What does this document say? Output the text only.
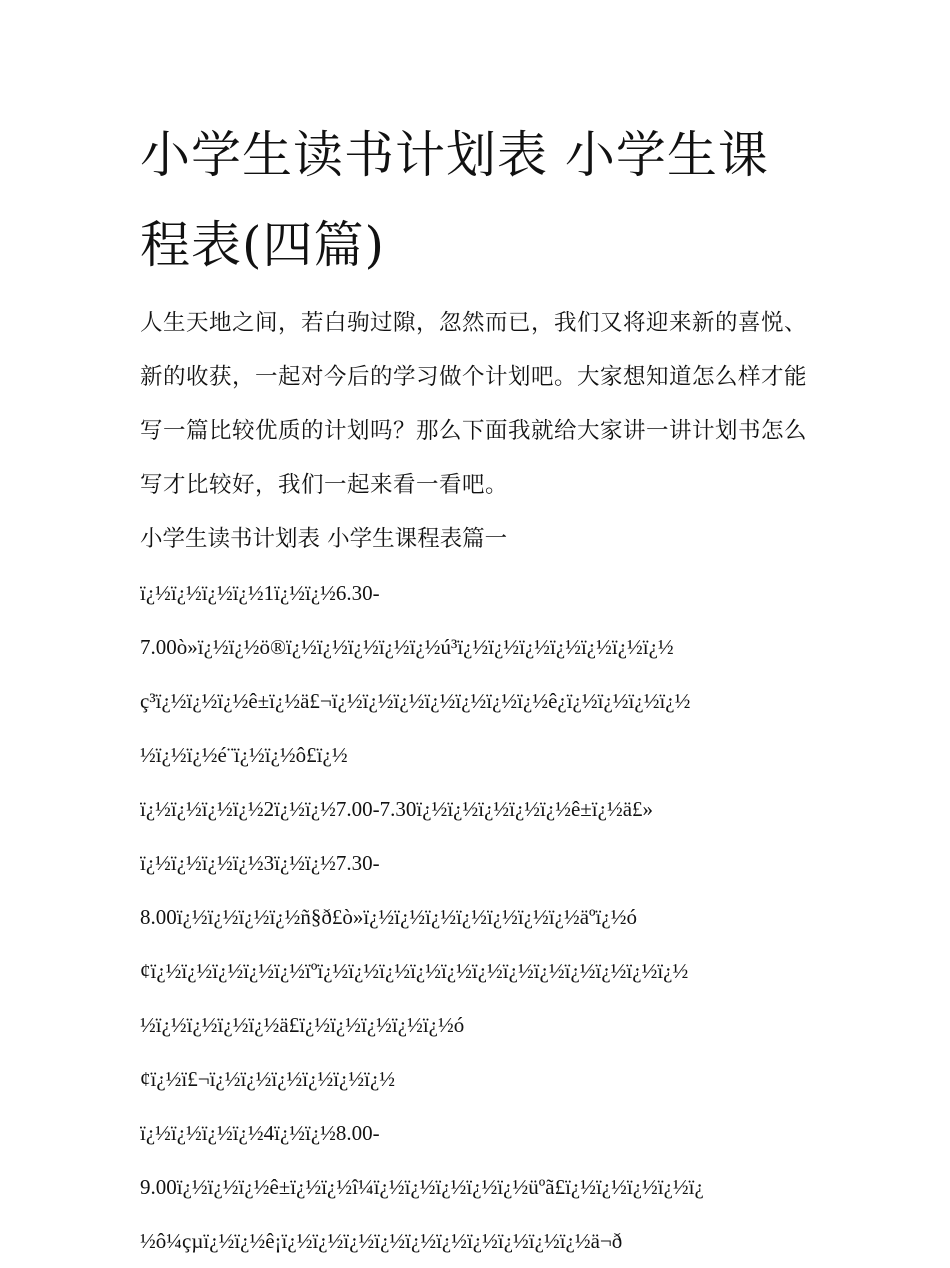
小学生读书计划表 小学生课程表(四篇)

人生天地之间，若白驹过隙，忽然而已，我们又将迎来新的喜悦、新的收获，一起对今后的学习做个计划吧。大家想知道怎么样才能写一篇比较优质的计划吗？那么下面我就给大家讲一讲计划书怎么写才比较好，我们一起来看一看吧。

小学生读书计划表 小学生课程表篇一

ï¿½ï¿½ï¿½ï¿½1ï¿½ï¿½6.30-

7.00ò»ï¿½ï¿½ö®ï¿½ï¿½ï¿½ï¿½ï¿½ú³ï¿½ï¿½ï¿½ï¿½ï¿½ï¿½ï¿½

ç³ï¿½ï¿½ï¿½ê±ï¿½ä£¬ï¿½ï¿½ï¿½ï¿½ï¿½ï¿½ï¿½ê¿ï¿½ï¿½ï¿½ï¿½

½ï¿½ï¿½é¨ï¿½ï¿½ô£ï¿½

ï¿½ï¿½ï¿½ï¿½2ï¿½ï¿½7.00-7.30ï¿½ï¿½ï¿½ï¿½ï¿½ê±ï¿½ä£»

ï¿½ï¿½ï¿½ï¿½3ï¿½ï¿½7.30-

8.00ï¿½ï¿½ï¿½ï¿½ñ§ð£ò»ï¿½ï¿½ï¿½ï¿½ï¿½ï¿½ï¿½äºï¿½ó

¢ï¿½ï¿½ï¿½ï¿½ï¿½ïºï¿½ï¿½ï¿½ï¿½ï¿½ï¿½ï¿½ï¿½ï¿½ï¿½ï¿½ï¿½

½ï¿½ï¿½ï¿½ï¿½ä£ï¿½ï¿½ï¿½ï¿½ï¿½ó

¢ï¿½ï£¬ï¿½ï¿½ï¿½ï¿½ï¿½ï¿½

ï¿½ï¿½ï¿½ï¿½4ï¿½ï¿½8.00-

9.00ï¿½ï¿½ï¿½ê±ï¿½ï¿½î¼ï¿½ï¿½ï¿½ï¿½ï¿½üºã£ï¿½ï¿½ï¿½ï¿½ï¿

½ô¼çµï¿½ï¿½ê¡ï¿½ï¿½ï¿½ï¿½ï¿½ï¿½ï¿½ï¿½ï¿½ï¿½ä¬ð
